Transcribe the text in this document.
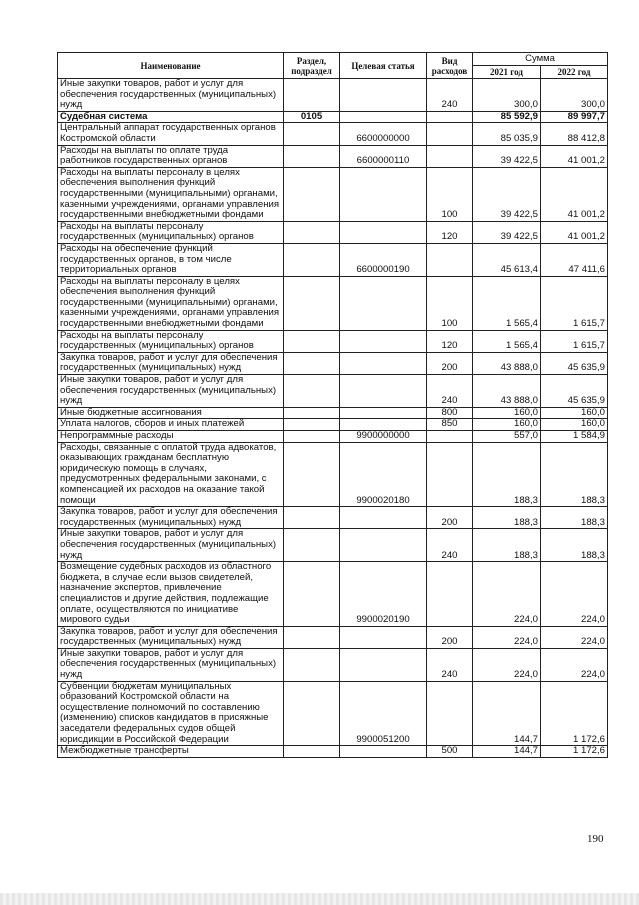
Наименование	Раздел, подраздел	Целевая статья	Вид расходов	Сумма	
				2021 год	2022 год
Иные закупки товаров, работ и услуг для обеспечения государственных (муниципальных) нужд			240	300,0	300,0
Судебная система	0105			85 592,9	89 997,7
Центральный аппарат государственных органов Костромской области		6600000000		85 035,9	88 412,8
Расходы на выплаты по оплате труда работников государственных органов		6600000110		39 422,5	41 001,2
Расходы на выплаты персоналу в целях обеспечения выполнения функций государственными (муниципальными) органами, казенными учреждениями, органами управления государственными внебюджетными фондами			100	39 422,5	41 001,2
Расходы на выплаты персоналу государственных (муниципальных) органов			120	39 422,5	41 001,2
Расходы на обеспечение функций государственных органов, в том числе территориальных органов		6600000190		45 613,4	47 411,6
Расходы на выплаты персоналу в целях обеспечения выполнения функций государственными (муниципальными) органами, казенными учреждениями, органами управления государственными внебюджетными фондами			100	1 565,4	1 615,7
Расходы на выплаты персоналу государственных (муниципальных) органов			120	1 565,4	1 615,7
Закупка товаров, работ и услуг для обеспечения государственных (муниципальных) нужд			200	43 888,0	45 635,9
Иные закупки товаров, работ и услуг для обеспечения государственных (муниципальных) нужд			240	43 888,0	45 635,9
Иные бюджетные ассигнования			800	160,0	160,0
Уплата налогов, сборов и иных платежей			850	160,0	160,0
Непрограммные расходы		9900000000		557,0	1 584,9
Расходы, связанные с оплатой труда адвокатов, оказывающих гражданам бесплатную юридическую помощь в случаях, предусмотренных федеральными законами, с компенсацией их расходов на оказание такой помощи		9900020180		188,3	188,3
Закупка товаров, работ и услуг для обеспечения государственных (муниципальных) нужд			200	188,3	188,3
Иные закупки товаров, работ и услуг для обеспечения государственных (муниципальных) нужд			240	188,3	188,3
Возмещение судебных расходов из областного бюджета, в случае если вызов свидетелей, назначение экспертов, привлечение специалистов и другие действия, подлежащие оплате, осуществляются по инициативе мирового судьи		9900020190		224,0	224,0
Закупка товаров, работ и услуг для обеспечения государственных (муниципальных) нужд			200	224,0	224,0
Иные закупки товаров, работ и услуг для обеспечения государственных (муниципальных) нужд			240	224,0	224,0
Субвенции бюджетам муниципальных образований Костромской области на осуществление полномочий по составлению (изменению) списков кандидатов в присяжные заседатели федеральных судов общей юрисдикции в Российской Федерации		9900051200		144,7	1 172,6
Межбюджетные трансферты			500	144,7	1 172,6
190
